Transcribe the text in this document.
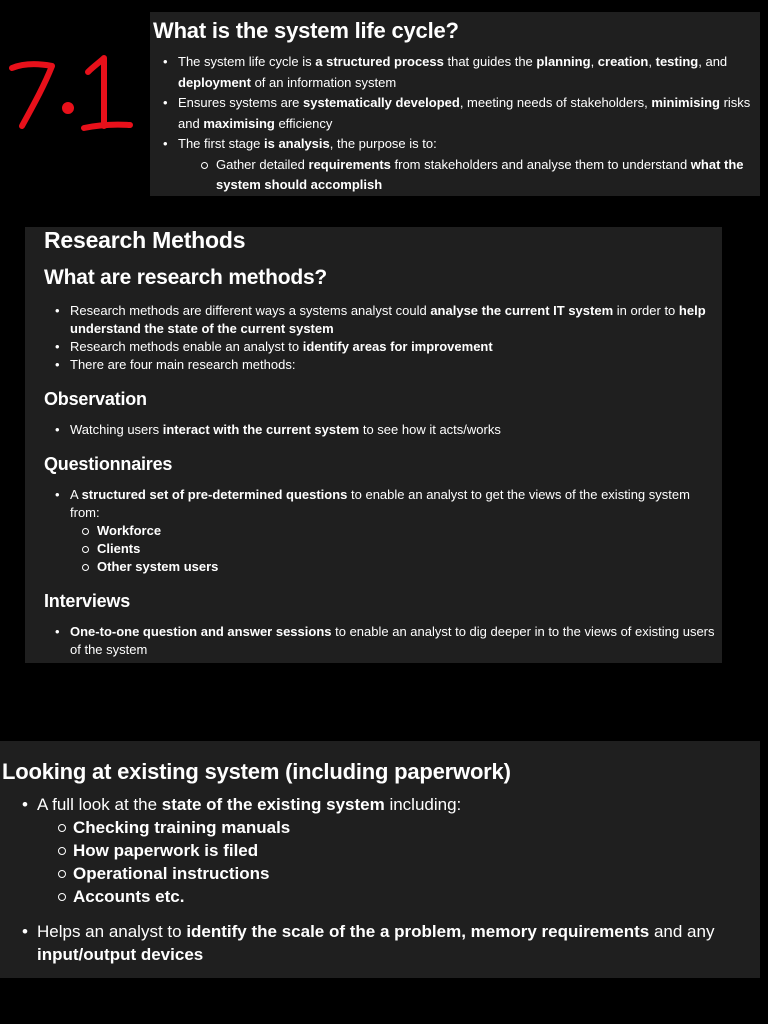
What is the system life cycle?
• The system life cycle is a structured process that guides the planning, creation, testing, and deployment of an information system
• Ensures systems are systematically developed, meeting needs of stakeholders, minimising risks and maximising efficiency
• The first stage is analysis, the purpose is to:
Gather detailed requirements from stakeholders and analyse them to understand what the system should accomplish
Research Methods
What are research methods?
• Research methods are different ways a systems analyst could analyse the current IT system in order to help understand the state of the current system
• Research methods enable an analyst to identify areas for improvement
• There are four main research methods:
Observation
• Watching users interact with the current system to see how it acts/works
Questionnaires
• A structured set of pre-determined questions to enable an analyst to get the views of the existing system from:
Workforce
Clients
Other system users
Interviews
• One-to-one question and answer sessions to enable an analyst to dig deeper in to the views of existing users of the system
Looking at existing system (including paperwork)
• A full look at the state of the existing system including:
Checking training manuals
How paperwork is filed
Operational instructions
Accounts etc.
• Helps an analyst to identify the scale of the a problem, memory requirements and any input/output devices
